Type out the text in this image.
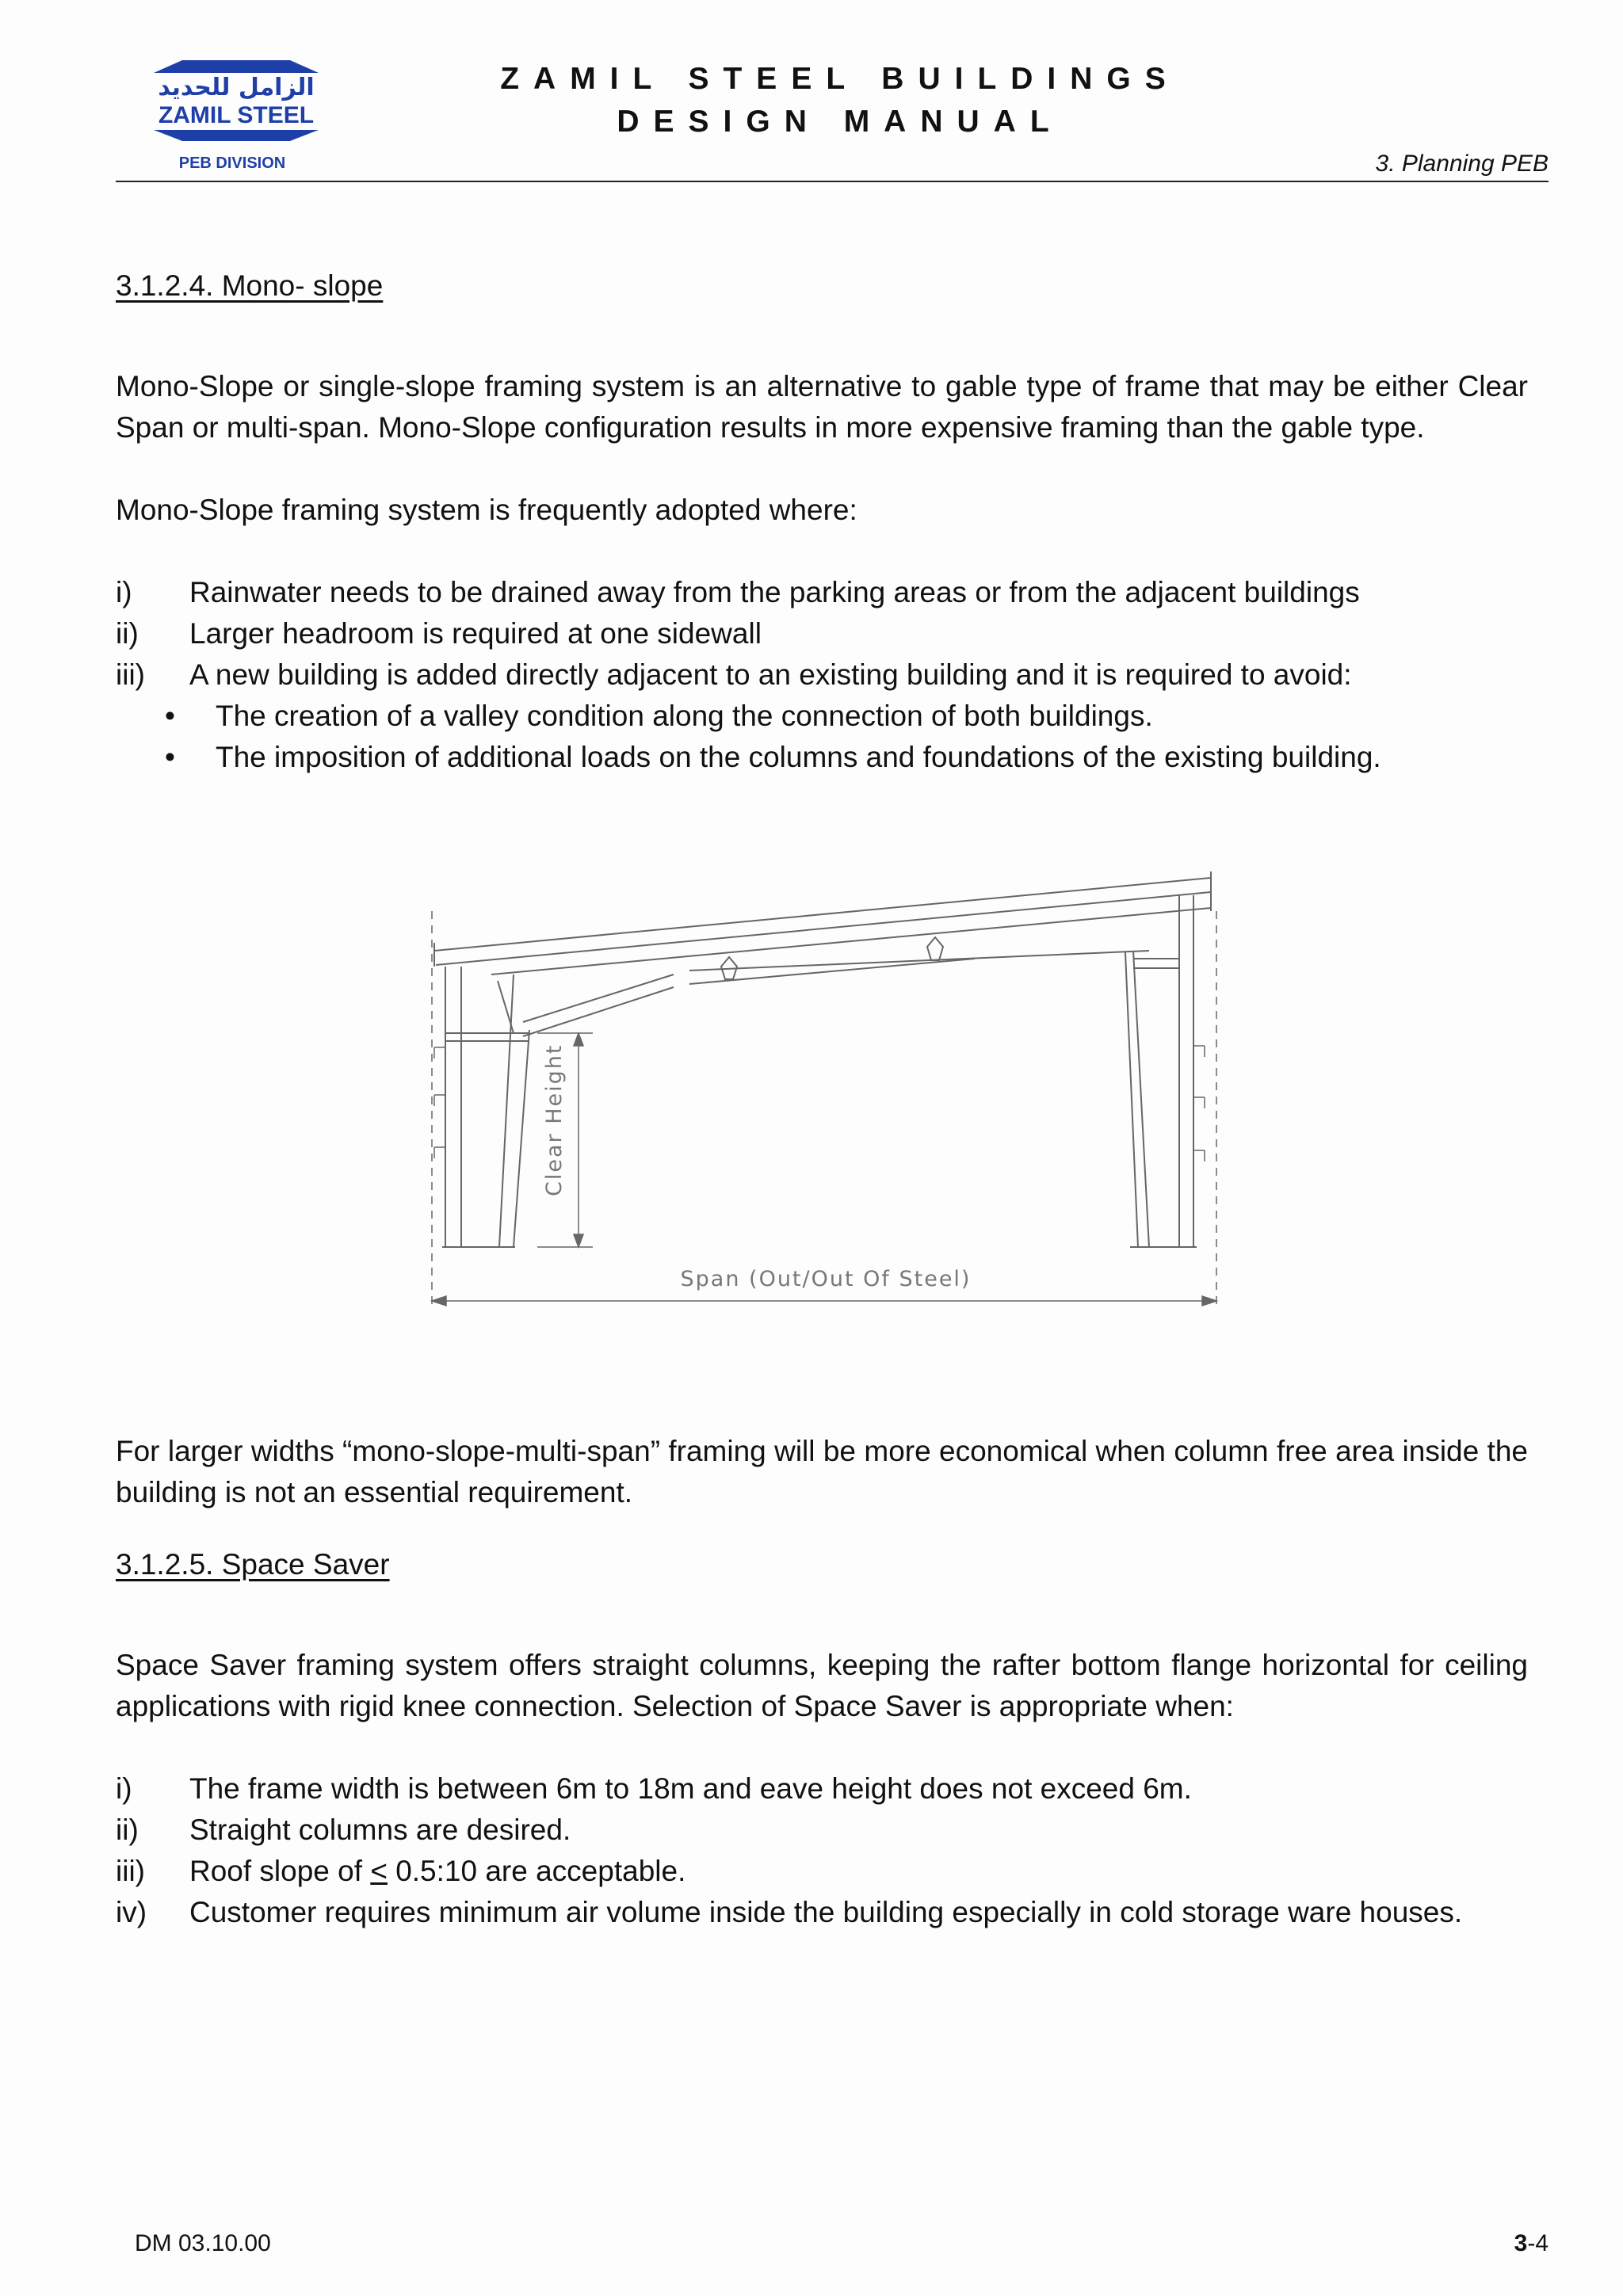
الزامل للحديد
ZAMIL STEEL
PEB DIVISION
ZAMIL STEEL BUILDINGS
DESIGN MANUAL
3. Planning PEB
3.1.2.4. Mono- slope
Mono-Slope or single-slope framing system is an alternative to gable type of frame that may be either Clear Span or multi-span. Mono-Slope configuration results in more expensive framing than the gable type.
Mono-Slope framing system is frequently adopted where:
i) Rainwater needs to be drained away from the parking areas or from the adjacent buildings
ii) Larger headroom is required at one sidewall
iii) A new building is added directly adjacent to an existing building and it is required to avoid:
• The creation of a valley condition along the connection of both buildings.
• The imposition of additional loads on the columns and foundations of the existing building.
Clear Height
Span (Out/Out Of Steel)
For larger widths “mono-slope-multi-span” framing will be more economical when column free area inside the building is not an essential requirement.
3.1.2.5. Space Saver
Space Saver framing system offers straight columns, keeping the rafter bottom flange horizontal for ceiling applications with rigid knee connection. Selection of Space Saver is appropriate when:
i) The frame width is between 6m to 18m and eave height does not exceed 6m.
ii) Straight columns are desired.
iii) Roof slope of ≤ 0.5:10 are acceptable.
iv) Customer requires minimum air volume inside the building especially in cold storage ware houses.
DM 03.10.00	3-4
